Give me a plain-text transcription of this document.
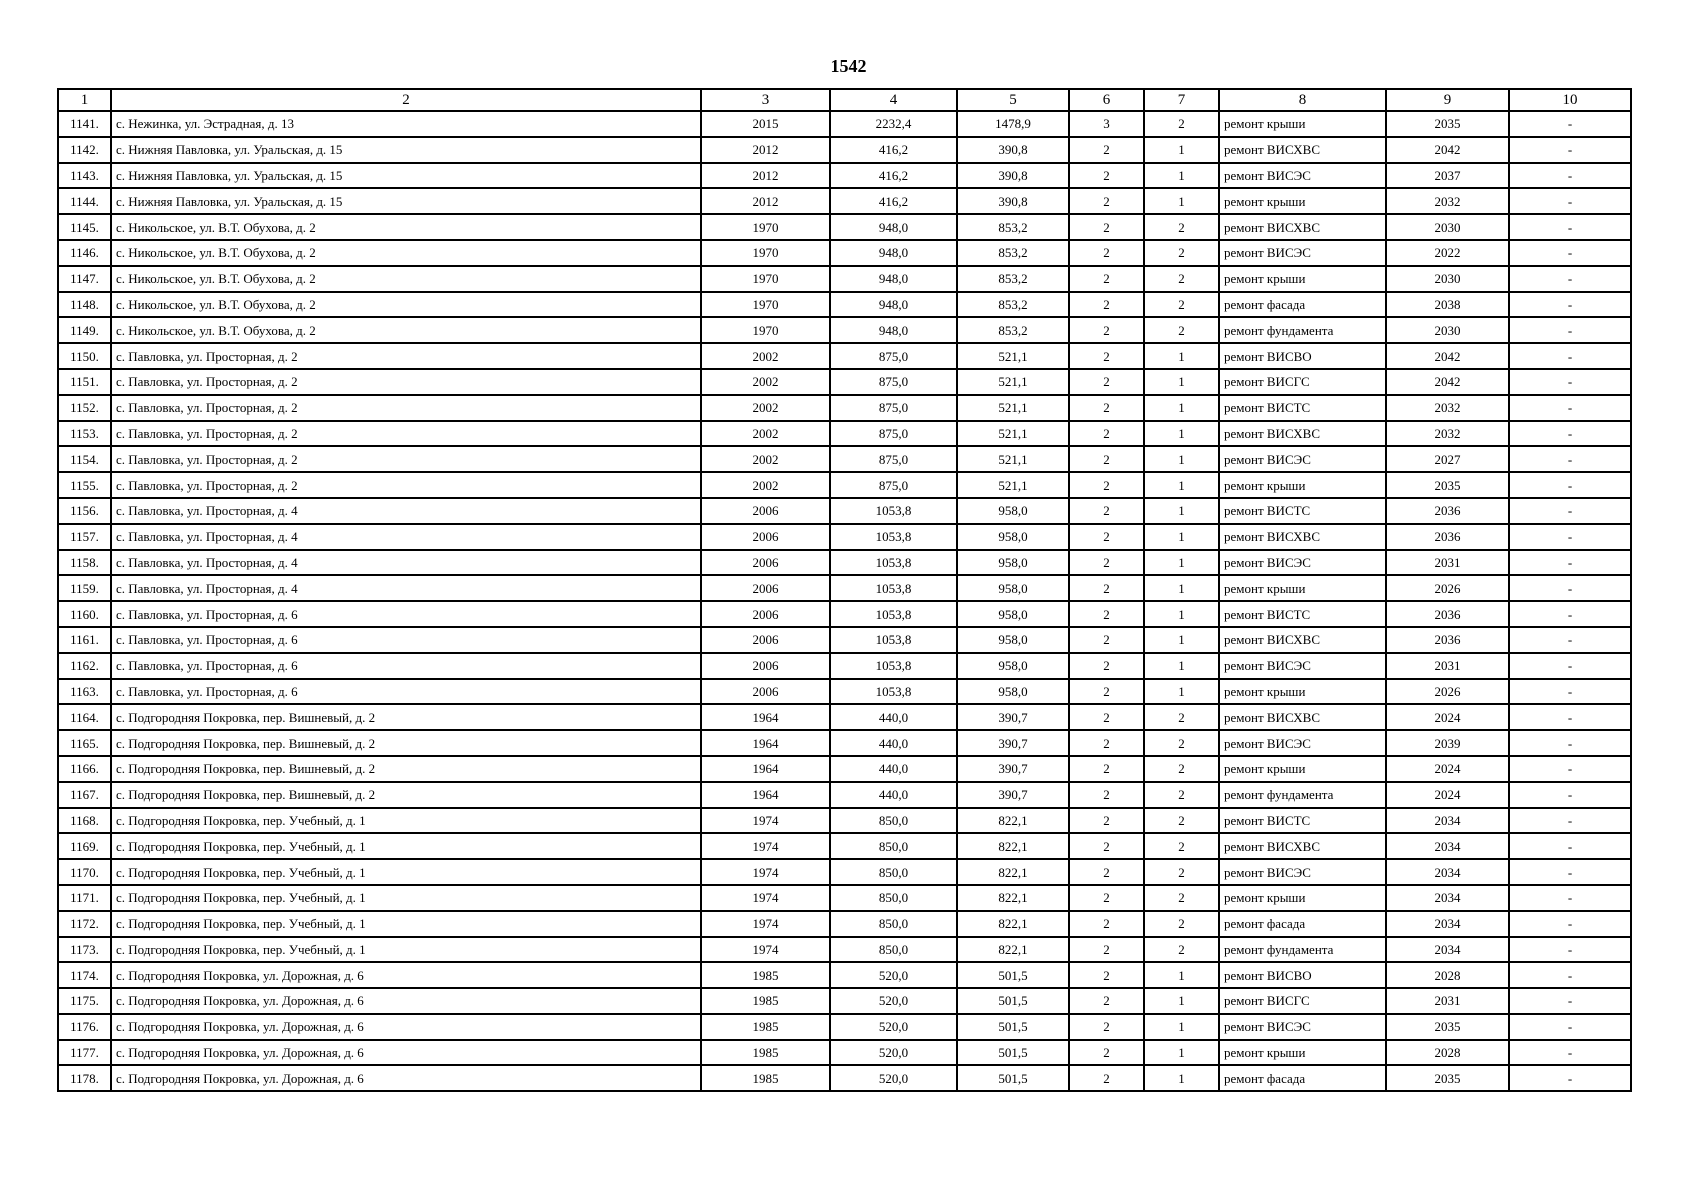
1542
1	2	3	4	5	6	7	8	9	10
1141.	с. Нежинка, ул. Эстрадная, д. 13	2015	2232,4	1478,9	3	2	ремонт крыши	2035	-
1142.	с. Нижняя Павловка, ул. Уральская, д. 15	2012	416,2	390,8	2	1	ремонт ВИСХВС	2042	-
1143.	с. Нижняя Павловка, ул. Уральская, д. 15	2012	416,2	390,8	2	1	ремонт ВИСЭС	2037	-
1144.	с. Нижняя Павловка, ул. Уральская, д. 15	2012	416,2	390,8	2	1	ремонт крыши	2032	-
1145.	с. Никольское, ул. В.Т. Обухова, д. 2	1970	948,0	853,2	2	2	ремонт ВИСХВС	2030	-
1146.	с. Никольское, ул. В.Т. Обухова, д. 2	1970	948,0	853,2	2	2	ремонт ВИСЭС	2022	-
1147.	с. Никольское, ул. В.Т. Обухова, д. 2	1970	948,0	853,2	2	2	ремонт крыши	2030	-
1148.	с. Никольское, ул. В.Т. Обухова, д. 2	1970	948,0	853,2	2	2	ремонт фасада	2038	-
1149.	с. Никольское, ул. В.Т. Обухова, д. 2	1970	948,0	853,2	2	2	ремонт фундамента	2030	-
1150.	с. Павловка, ул. Просторная, д. 2	2002	875,0	521,1	2	1	ремонт ВИСВО	2042	-
1151.	с. Павловка, ул. Просторная, д. 2	2002	875,0	521,1	2	1	ремонт ВИСГС	2042	-
1152.	с. Павловка, ул. Просторная, д. 2	2002	875,0	521,1	2	1	ремонт ВИСТС	2032	-
1153.	с. Павловка, ул. Просторная, д. 2	2002	875,0	521,1	2	1	ремонт ВИСХВС	2032	-
1154.	с. Павловка, ул. Просторная, д. 2	2002	875,0	521,1	2	1	ремонт ВИСЭС	2027	-
1155.	с. Павловка, ул. Просторная, д. 2	2002	875,0	521,1	2	1	ремонт крыши	2035	-
1156.	с. Павловка, ул. Просторная, д. 4	2006	1053,8	958,0	2	1	ремонт ВИСТС	2036	-
1157.	с. Павловка, ул. Просторная, д. 4	2006	1053,8	958,0	2	1	ремонт ВИСХВС	2036	-
1158.	с. Павловка, ул. Просторная, д. 4	2006	1053,8	958,0	2	1	ремонт ВИСЭС	2031	-
1159.	с. Павловка, ул. Просторная, д. 4	2006	1053,8	958,0	2	1	ремонт крыши	2026	-
1160.	с. Павловка, ул. Просторная, д. 6	2006	1053,8	958,0	2	1	ремонт ВИСТС	2036	-
1161.	с. Павловка, ул. Просторная, д. 6	2006	1053,8	958,0	2	1	ремонт ВИСХВС	2036	-
1162.	с. Павловка, ул. Просторная, д. 6	2006	1053,8	958,0	2	1	ремонт ВИСЭС	2031	-
1163.	с. Павловка, ул. Просторная, д. 6	2006	1053,8	958,0	2	1	ремонт крыши	2026	-
1164.	с. Подгородняя Покровка, пер. Вишневый, д. 2	1964	440,0	390,7	2	2	ремонт ВИСХВС	2024	-
1165.	с. Подгородняя Покровка, пер. Вишневый, д. 2	1964	440,0	390,7	2	2	ремонт ВИСЭС	2039	-
1166.	с. Подгородняя Покровка, пер. Вишневый, д. 2	1964	440,0	390,7	2	2	ремонт крыши	2024	-
1167.	с. Подгородняя Покровка, пер. Вишневый, д. 2	1964	440,0	390,7	2	2	ремонт фундамента	2024	-
1168.	с. Подгородняя Покровка, пер. Учебный, д. 1	1974	850,0	822,1	2	2	ремонт ВИСТС	2034	-
1169.	с. Подгородняя Покровка, пер. Учебный, д. 1	1974	850,0	822,1	2	2	ремонт ВИСХВС	2034	-
1170.	с. Подгородняя Покровка, пер. Учебный, д. 1	1974	850,0	822,1	2	2	ремонт ВИСЭС	2034	-
1171.	с. Подгородняя Покровка, пер. Учебный, д. 1	1974	850,0	822,1	2	2	ремонт крыши	2034	-
1172.	с. Подгородняя Покровка, пер. Учебный, д. 1	1974	850,0	822,1	2	2	ремонт фасада	2034	-
1173.	с. Подгородняя Покровка, пер. Учебный, д. 1	1974	850,0	822,1	2	2	ремонт фундамента	2034	-
1174.	с. Подгородняя Покровка, ул. Дорожная, д. 6	1985	520,0	501,5	2	1	ремонт ВИСВО	2028	-
1175.	с. Подгородняя Покровка, ул. Дорожная, д. 6	1985	520,0	501,5	2	1	ремонт ВИСГС	2031	-
1176.	с. Подгородняя Покровка, ул. Дорожная, д. 6	1985	520,0	501,5	2	1	ремонт ВИСЭС	2035	-
1177.	с. Подгородняя Покровка, ул. Дорожная, д. 6	1985	520,0	501,5	2	1	ремонт крыши	2028	-
1178.	с. Подгородняя Покровка, ул. Дорожная, д. 6	1985	520,0	501,5	2	1	ремонт фасада	2035	-
